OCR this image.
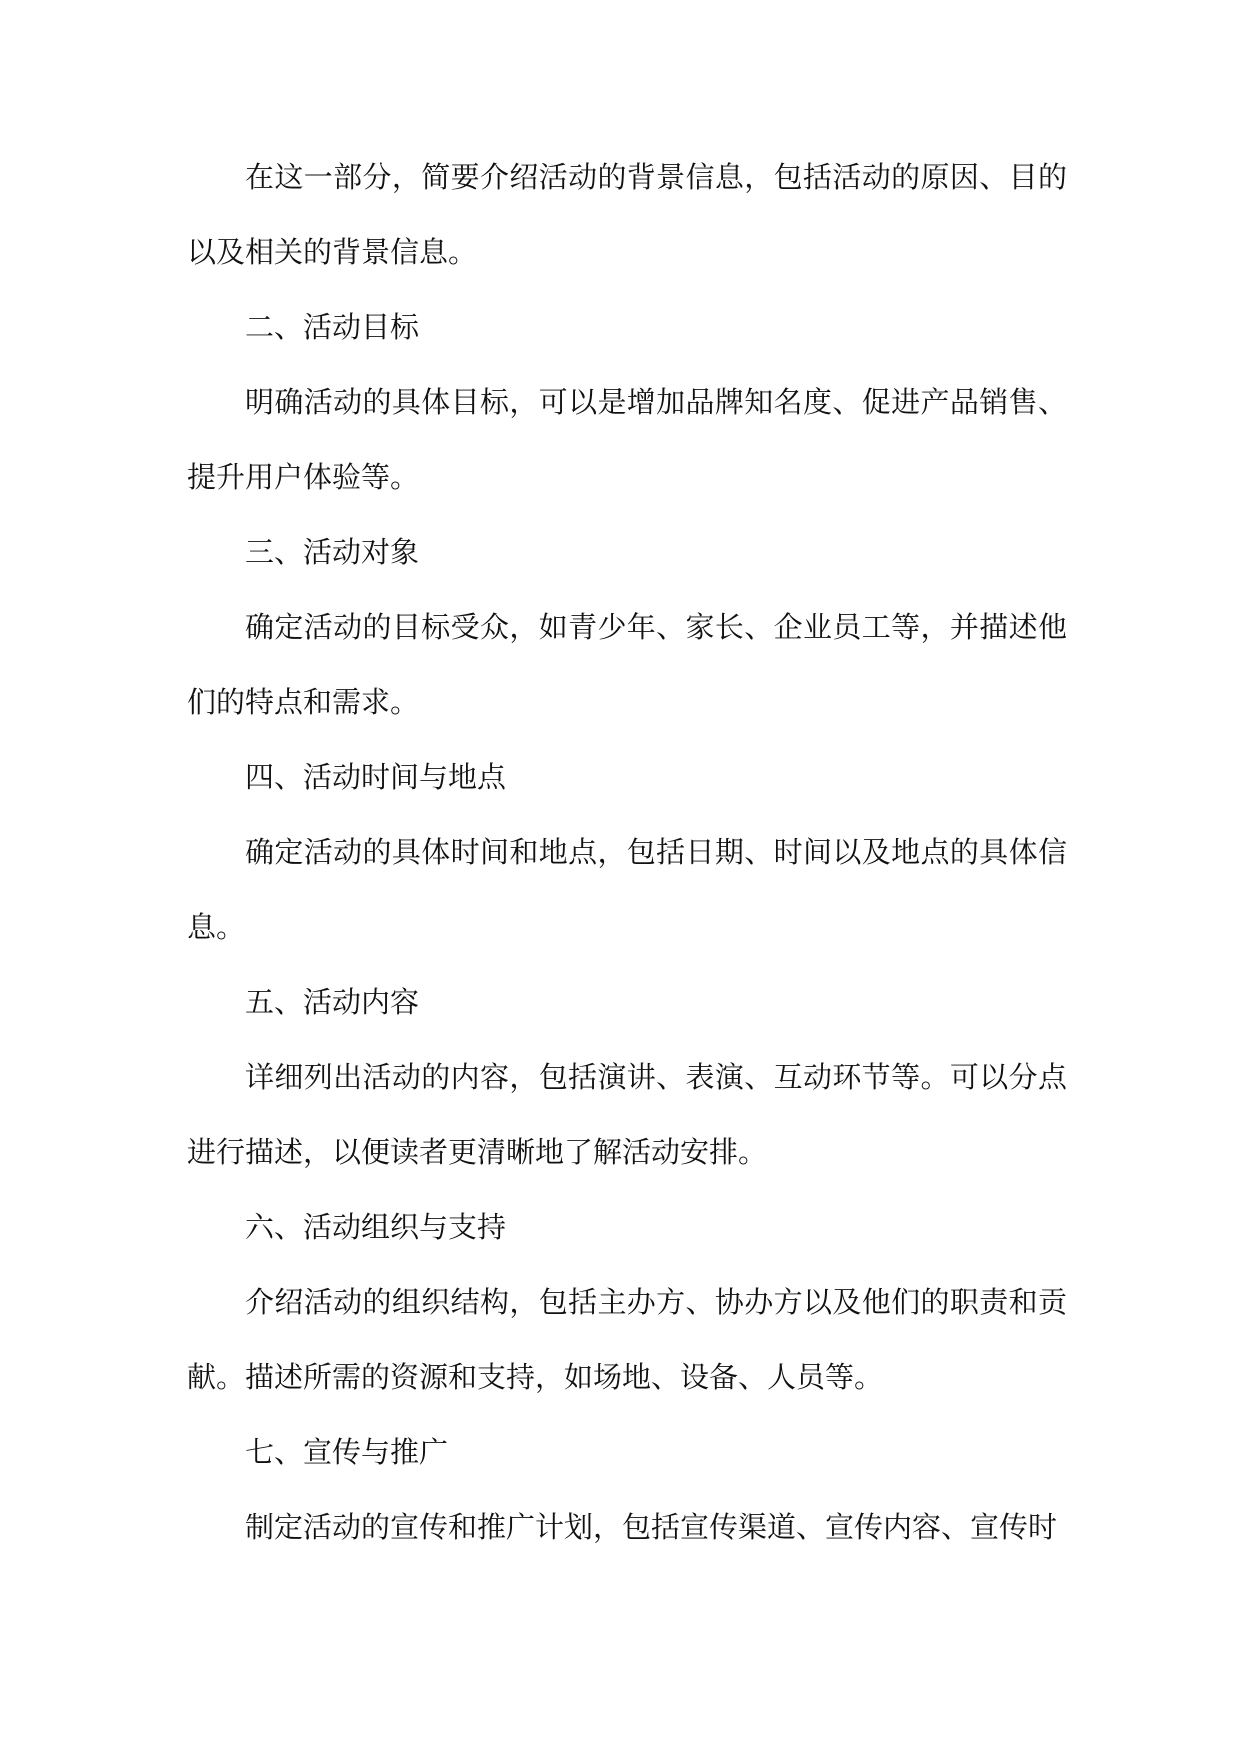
在这一部分，简要介绍活动的背景信息，包括活动的原因、目的以及相关的背景信息。

二、活动目标

明确活动的具体目标，可以是增加品牌知名度、促进产品销售、提升用户体验等。

三、活动对象

确定活动的目标受众，如青少年、家长、企业员工等，并描述他们的特点和需求。

四、活动时间与地点

确定活动的具体时间和地点，包括日期、时间以及地点的具体信息。

五、活动内容

详细列出活动的内容，包括演讲、表演、互动环节等。可以分点进行描述，以便读者更清晰地了解活动安排。

六、活动组织与支持

介绍活动的组织结构，包括主办方、协办方以及他们的职责和贡献。描述所需的资源和支持，如场地、设备、人员等。

七、宣传与推广

制定活动的宣传和推广计划，包括宣传渠道、宣传内容、宣传时
